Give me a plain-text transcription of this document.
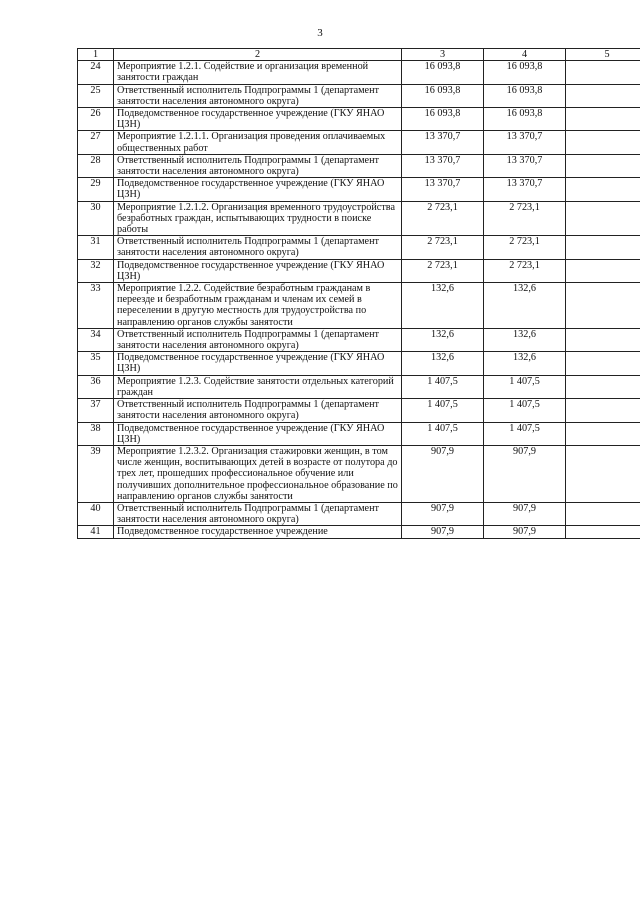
3
1	2	3	4	5
24	Мероприятие 1.2.1. Содействие и организация временной занятости граждан	16 093,8	16 093,8	
25	Ответственный исполнитель Подпрограммы 1 (департамент занятости населения автономного округа)	16 093,8	16 093,8	
26	Подведомственное государственное учреждение (ГКУ ЯНАО ЦЗН)	16 093,8	16 093,8	
27	Мероприятие 1.2.1.1. Организация проведения оплачиваемых общественных работ	13 370,7	13 370,7	
28	Ответственный исполнитель Подпрограммы 1 (департамент занятости населения автономного округа)	13 370,7	13 370,7	
29	Подведомственное государственное учреждение (ГКУ ЯНАО ЦЗН)	13 370,7	13 370,7	
30	Мероприятие 1.2.1.2. Организация временного трудоустройства безработных граждан, испытывающих трудности в поиске работы	2 723,1	2 723,1	
31	Ответственный исполнитель Подпрограммы 1 (департамент занятости населения автономного округа)	2 723,1	2 723,1	
32	Подведомственное государственное учреждение (ГКУ ЯНАО ЦЗН)	2 723,1	2 723,1	
33	Мероприятие 1.2.2. Содействие безработным гражданам в переезде и безработным гражданам и членам их семей в переселении в другую местность для трудоустройства по направлению органов службы занятости	132,6	132,6	
34	Ответственный исполнитель Подпрограммы 1 (департамент занятости населения автономного округа)	132,6	132,6	
35	Подведомственное государственное учреждение (ГКУ ЯНАО ЦЗН)	132,6	132,6	
36	Мероприятие 1.2.3. Содействие занятости отдельных категорий граждан	1 407,5	1 407,5	
37	Ответственный исполнитель Подпрограммы 1 (департамент занятости населения автономного округа)	1 407,5	1 407,5	
38	Подведомственное государственное учреждение (ГКУ ЯНАО ЦЗН)	1 407,5	1 407,5	
39	Мероприятие 1.2.3.2. Организация стажировки женщин, в том числе женщин, воспитывающих детей в возрасте от полутора до трех лет, прошедших профессиональное обучение или получивших дополнительное профессиональное образование по направлению органов службы занятости	907,9	907,9	
40	Ответственный исполнитель Подпрограммы 1 (департамент занятости населения автономного округа)	907,9	907,9	
41	Подведомственное государственное учреждение	907,9	907,9	
